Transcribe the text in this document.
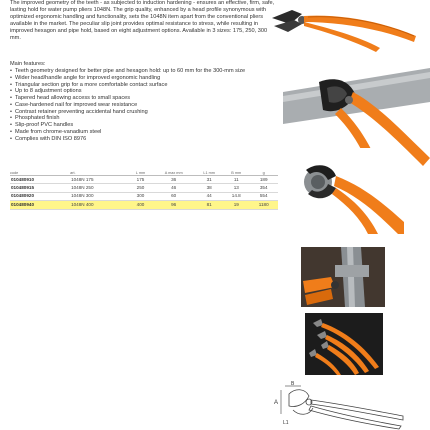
The improved geometry of the teeth - as subjected to induction hardening - ensures an effective, firm, safe, lasting hold for water pump pliers 1048N. The grip quality, enhanced by a head profile synonymous with optimized ergonomic handling and functionality, sets the 1048N item apart from the conventional pliers available in the market. The peculiar slip joint provides optimal resistance to stress, while resulting in improved hexagon and pipe hold, based on eight adjustment options. Available in 3 sizes: 175, 250, 300 mm.
Main features:
• Teeth geometry designed for better pipe and hexagon hold: up to 60 mm for the 300-mm size
• Wider head/handle angle for improved ergonomic handling
• Triangular section grip for a more comfortable contact surface
• Up to 8 adjustment options
• Tapered head allowing access to small spaces
• Case-hardened nail for improved wear resistance
• Contrast retainer preventing accidental hand crushing
• Phosphated finish
• Slip-proof PVC handles
• Made from chrome-vanadium steel
• Complies with DIN ISO 8976
code	art.	L mm	A max mm	L1 mm	B mm	g
010480910	1048N 175	175	36	31	11	189
010480915	1048N 250	250	46	38	13	354
010480920	1048N 300	300	60	44	14.8	554
010480940	1048N 400	400	96	81	19	1180
A
B
L1
